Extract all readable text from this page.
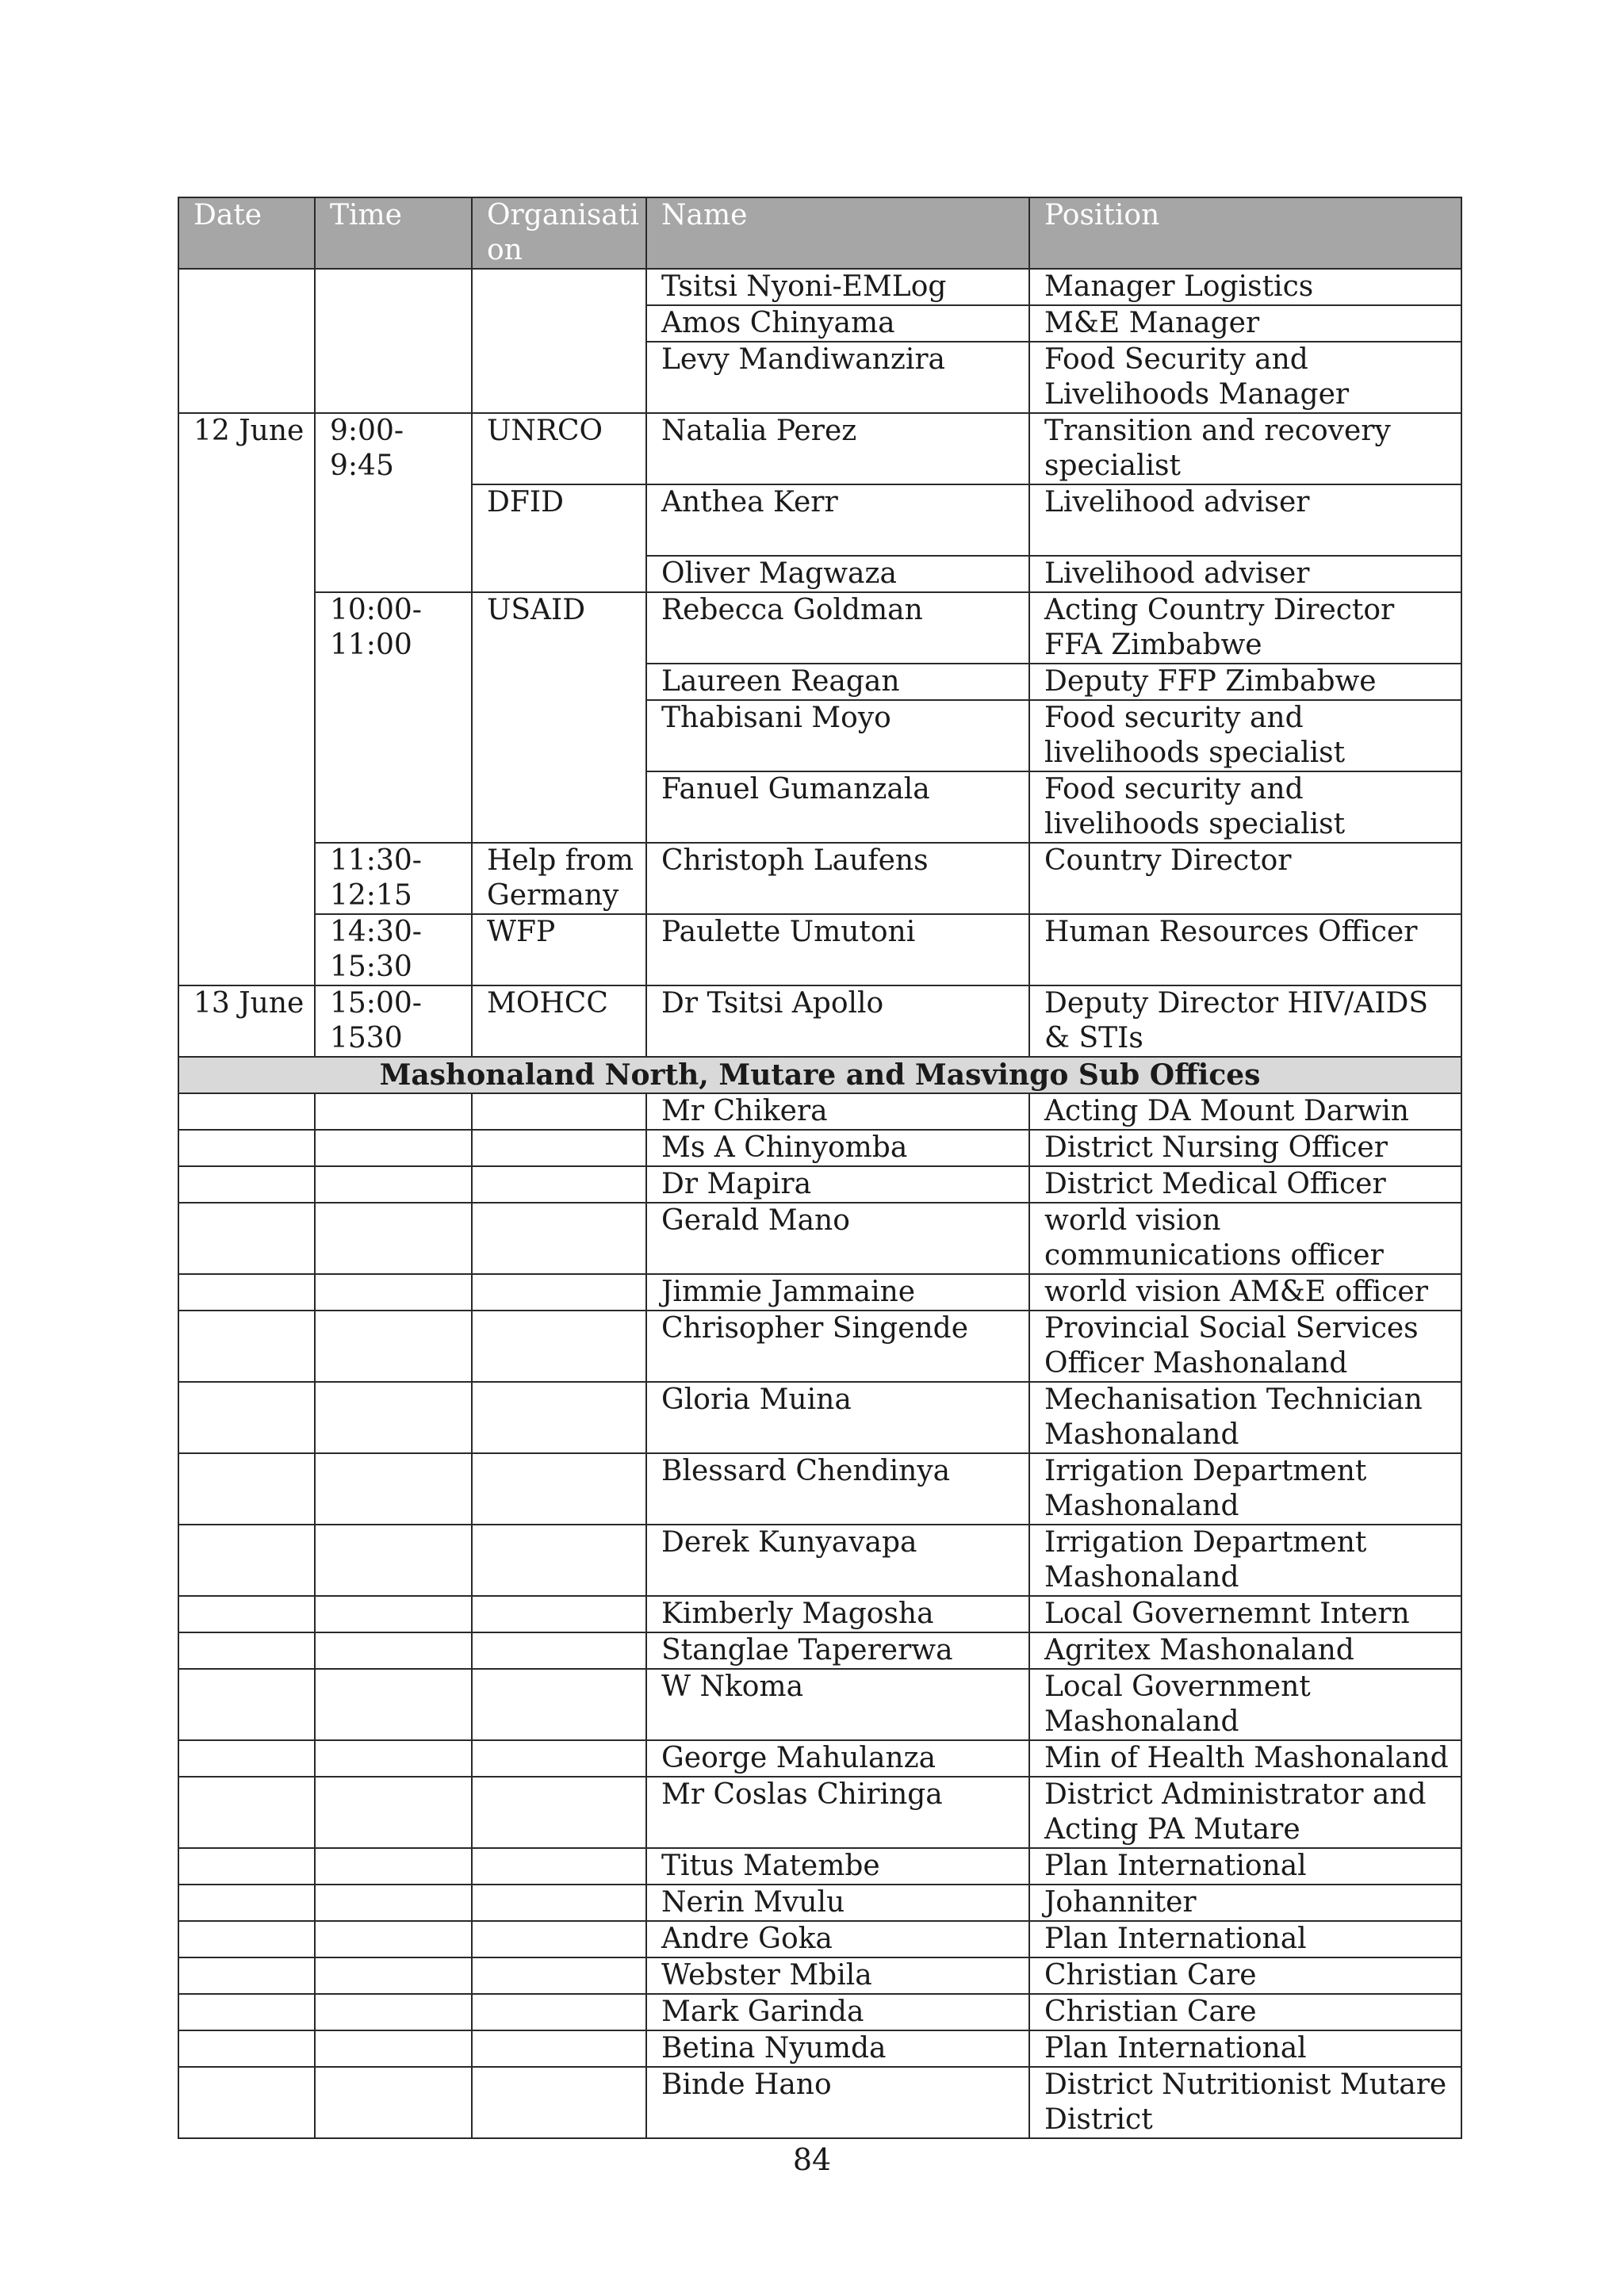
Date	Time	Organisation	Name	Position
			Tsitsi Nyoni-EMLog	Manager Logistics
			Amos Chinyama	M&E Manager
			Levy Mandiwanzira	Food Security and Livelihoods Manager
12 June	9:00-9:45	UNRCO	Natalia Perez	Transition and recovery specialist
		DFID	Anthea Kerr	Livelihood adviser
			Oliver Magwaza	Livelihood adviser
	10:00-11:00	USAID	Rebecca Goldman	Acting Country Director FFA Zimbabwe
			Laureen Reagan	Deputy FFP Zimbabwe
			Thabisani Moyo	Food security and livelihoods specialist
			Fanuel Gumanzala	Food security and livelihoods specialist
	11:30-12:15	Help from Germany	Christoph Laufens	Country Director
	14:30-15:30	WFP	Paulette Umutoni	Human Resources Officer
13 June	15:00-1530	MOHCC	Dr Tsitsi Apollo	Deputy Director HIV/AIDS & STIs
Mashonaland North, Mutare and Masvingo Sub Offices				
			Mr Chikera	Acting DA Mount Darwin
			Ms A Chinyomba	District Nursing Officer
			Dr Mapira	District Medical Officer
			Gerald Mano	world vision communications officer
			Jimmie Jammaine	world vision AM&E officer
			Chrisopher Singende	Provincial Social Services Officer Mashonaland
			Gloria Muina	Mechanisation Technician Mashonaland
			Blessard Chendinya	Irrigation Department Mashonaland
			Derek Kunyavapa	Irrigation Department Mashonaland
			Kimberly Magosha	Local Governemnt Intern
			Stanglae Tapererwa	Agritex Mashonaland
			W Nkoma	Local Government Mashonaland
			George Mahulanza	Min of Health Mashonaland
			Mr Coslas Chiringa	District Administrator and Acting PA Mutare
			Titus Matembe	Plan International
			Nerin Mvulu	Johanniter
			Andre Goka	Plan International
			Webster Mbila	Christian Care
			Mark Garinda	Christian Care
			Betina Nyumda	Plan International
			Binde Hano	District Nutritionist Mutare District
84
